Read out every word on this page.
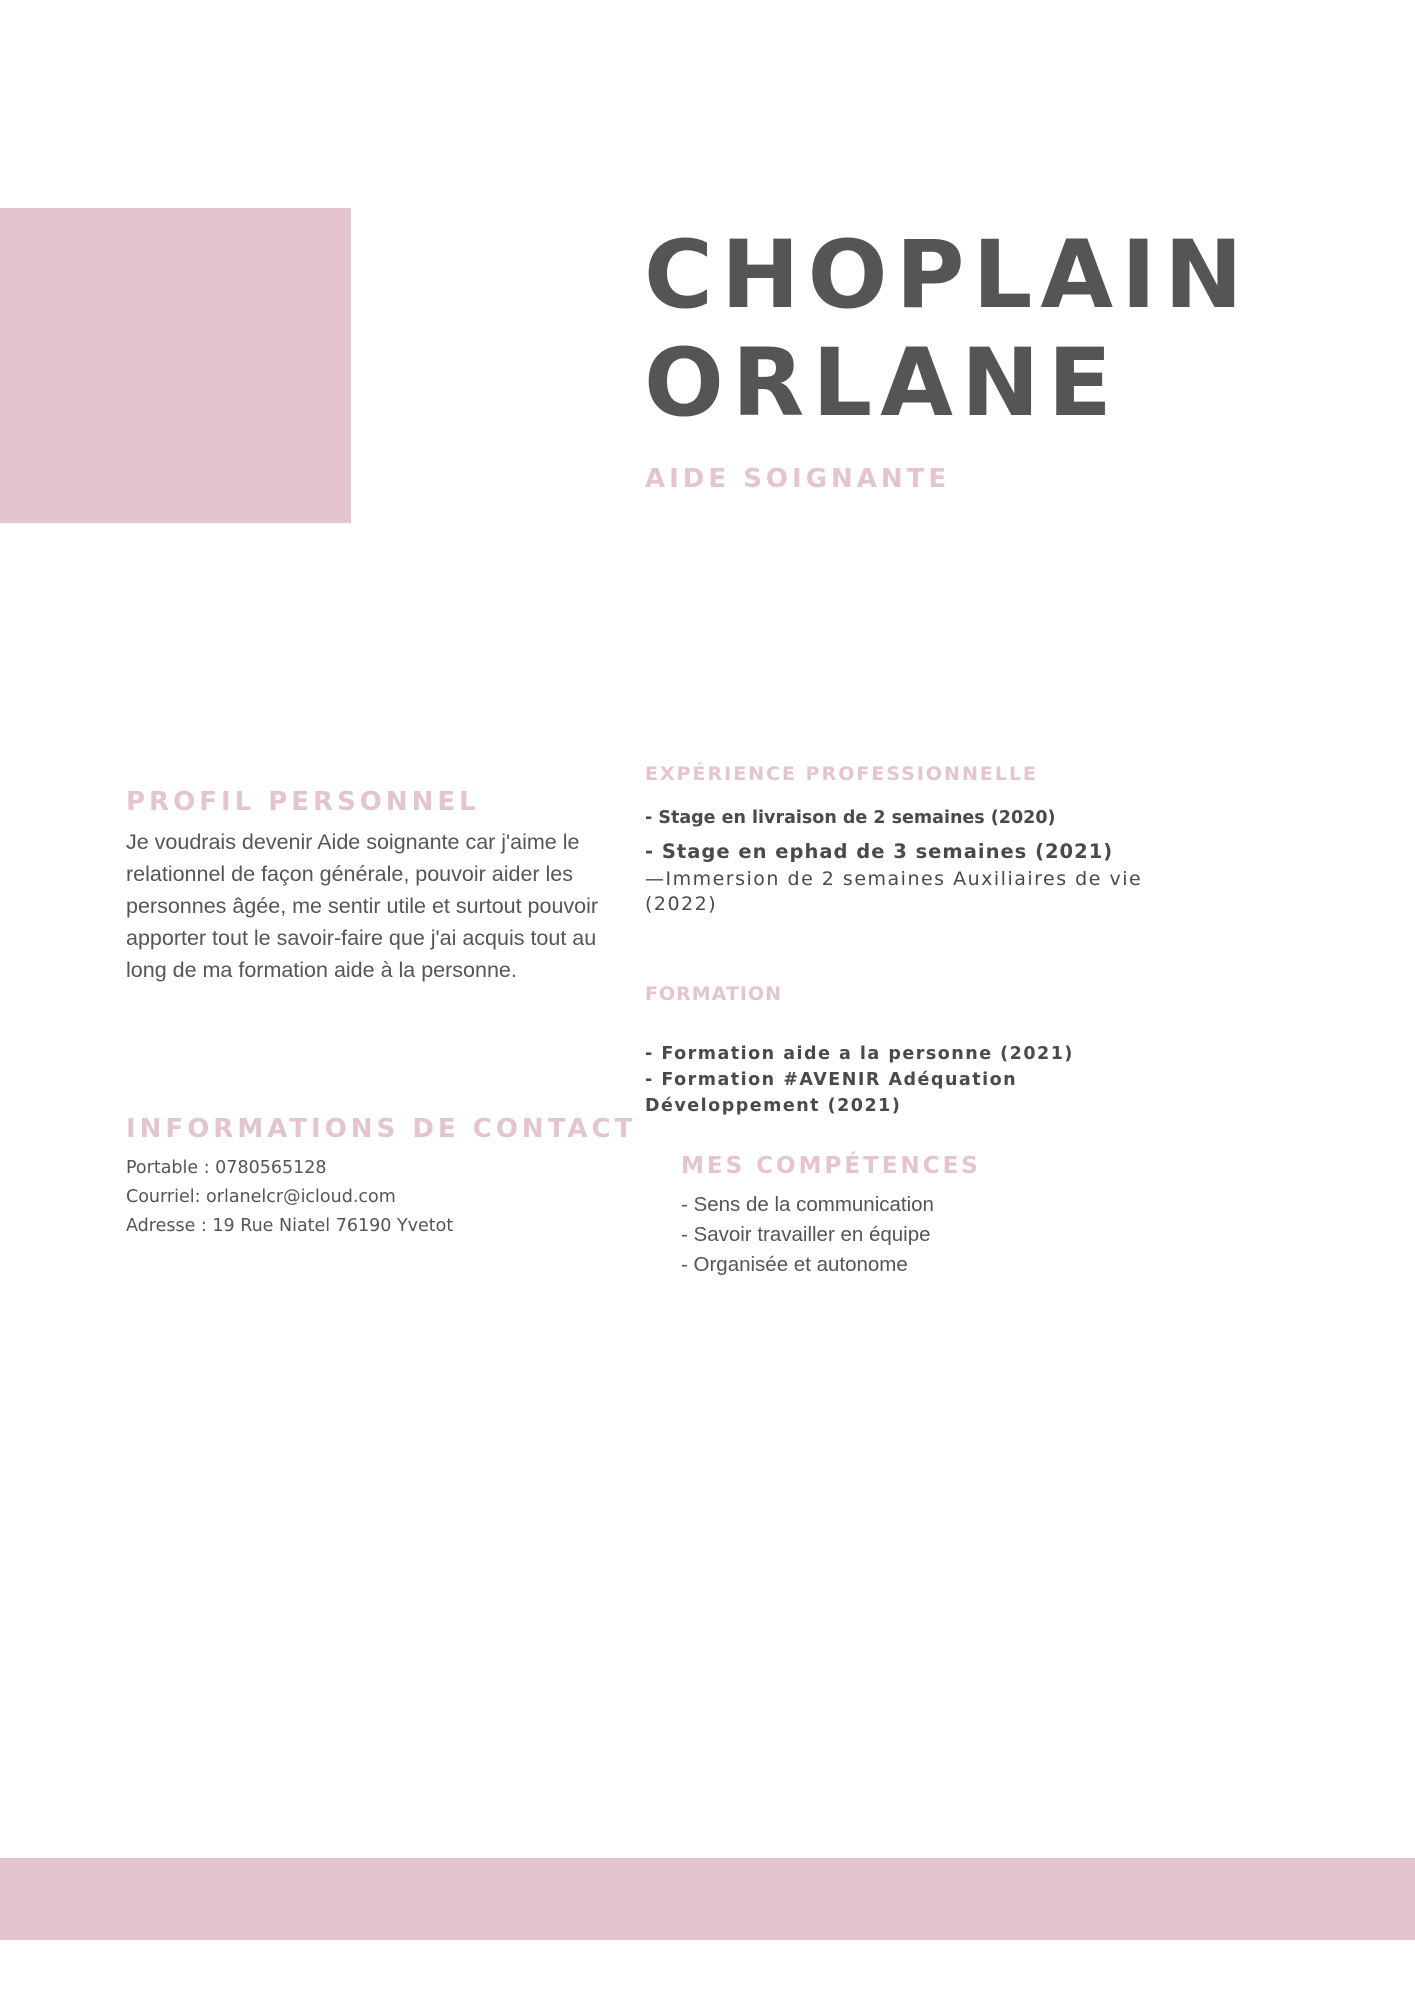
CHOPLAIN
ORLANE
AIDE SOIGNANTE
PROFIL PERSONNEL
Je voudrais devenir Aide soignante car j'aime le relationnel de façon générale, pouvoir aider les personnes âgée, me sentir utile et surtout pouvoir apporter tout le savoir-faire que j'ai acquis tout au long de ma formation aide à la personne.
INFORMATIONS DE CONTACT
Portable : 0780565128
Courriel: orlanelcr@icloud.com
Adresse : 19 Rue Niatel 76190 Yvetot
EXPÉRIENCE PROFESSIONNELLE
- Stage en livraison de 2 semaines (2020)
- Stage en ephad de 3 semaines (2021)
—Immersion de 2 semaines Auxiliaires de vie (2022)
FORMATION
- Formation aide a la personne (2021)
- Formation #AVENIR Adéquation Développement (2021)
MES COMPÉTENCES
- Sens de la communication
- Savoir travailler en équipe
- Organisée et autonome
